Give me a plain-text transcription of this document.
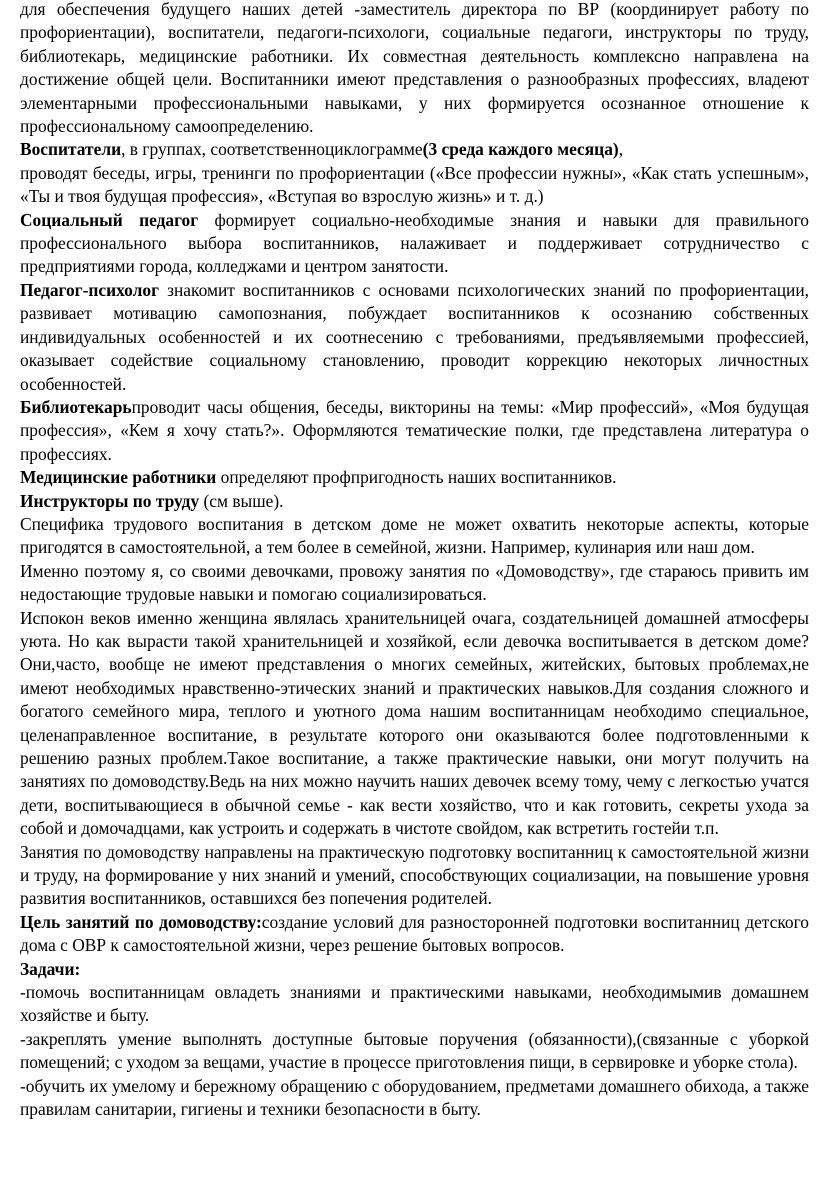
для обеспечения будущего наших детей -заместитель директора по ВР (координирует работу по профориентации), воспитатели, педагоги-психологи, социальные педагоги, инструкторы по труду, библиотекарь, медицинские работники. Их совместная деятельность комплексно направлена на достижение общей цели. Воспитанники имеют представления о разнообразных профессиях, владеют элементарными профессиональными навыками, у них формируется осознанное отношение к профессиональному самоопределению.

Воспитатели, в группах, соответственноциклограмме(3 среда каждого месяца),

проводят беседы, игры, тренинги по профориентации («Все профессии нужны», «Как стать успешным», «Ты и твоя будущая профессия», «Вступая во взрослую жизнь» и т. д.)

Социальный педагог формирует социально-необходимые знания и навыки для правильного профессионального выбора воспитанников, налаживает и поддерживает сотрудничество с предприятиями города, колледжами и центром занятости.

Педагог-психолог знакомит воспитанников с основами психологических знаний по профориентации, развивает мотивацию самопознания, побуждает воспитанников к осознанию собственных индивидуальных особенностей и их соотнесению с требованиями, предъявляемыми профессией, оказывает содействие социальному становлению, проводит коррекцию некоторых личностных особенностей.

Библиотекарьпроводит часы общения, беседы, викторины на темы: «Мир профессий», «Моя будущая профессия», «Кем я хочу стать?». Оформляются тематические полки, где представлена литература о профессиях.

Медицинские работники определяют профпригодность наших воспитанников.

Инструкторы по труду (см выше).

Специфика трудового воспитания в детском доме не может охватить некоторые аспекты, которые пригодятся в самостоятельной, а тем более в семейной, жизни. Например, кулинария или наш дом.

Именно поэтому я, со своими девочками, провожу занятия по «Домоводству», где стараюсь привить им недостающие трудовые навыки и помогаю социализироваться.

Испокон веков именно женщина являлась хранительницей очага, создательницей домашней атмосферы уюта. Но как вырасти такой хранительницей и хозяйкой, если девочка воспитывается в детском доме? Они,часто, вообще не имеют представления о многих семейных, житейских, бытовых проблемах,не имеют необходимых нравственно-этических знаний и практических навыков.Для создания сложного и богатого семейного мира, теплого и уютного дома нашим воспитанницам необходимо специальное, целенаправленное воспитание, в результате которого они оказываются более подготовленными к решению разных проблем.Такое воспитание, а также практические навыки, они могут получить на занятиях по домоводству.Ведь на них можно научить наших девочек всему тому, чему с легкостью учатся дети, воспитывающиеся в обычной семье - как вести хозяйство, что и как готовить, секреты ухода за собой и домочадцами, как устроить и содержать в чистоте свойдом, как встретить гостейи т.п.

Занятия по домоводству направлены на практическую подготовку воспитанниц к самостоятельной жизни и труду, на формирование у них знаний и умений, способствующих социализации, на повышение уровня развития воспитанников, оставшихся без попечения родителей.

Цель занятий по домоводству:создание условий для разносторонней подготовки воспитанниц детского дома с ОВР к самостоятельной жизни, через решение бытовых вопросов.

Задачи:

-помочь воспитанницам овладеть знаниями и практическими навыками, необходимымив домашнем хозяйстве и быту.

-закреплять умение выполнять доступные бытовые поручения (обязанности),(связанные с уборкой помещений; с уходом за вещами, участие в процессе приготовления пищи, в сервировке и уборке стола).

-обучить их умелому и бережному обращению с оборудованием, предметами домашнего обихода, а также правилам санитарии, гигиены и техники безопасности в быту.
